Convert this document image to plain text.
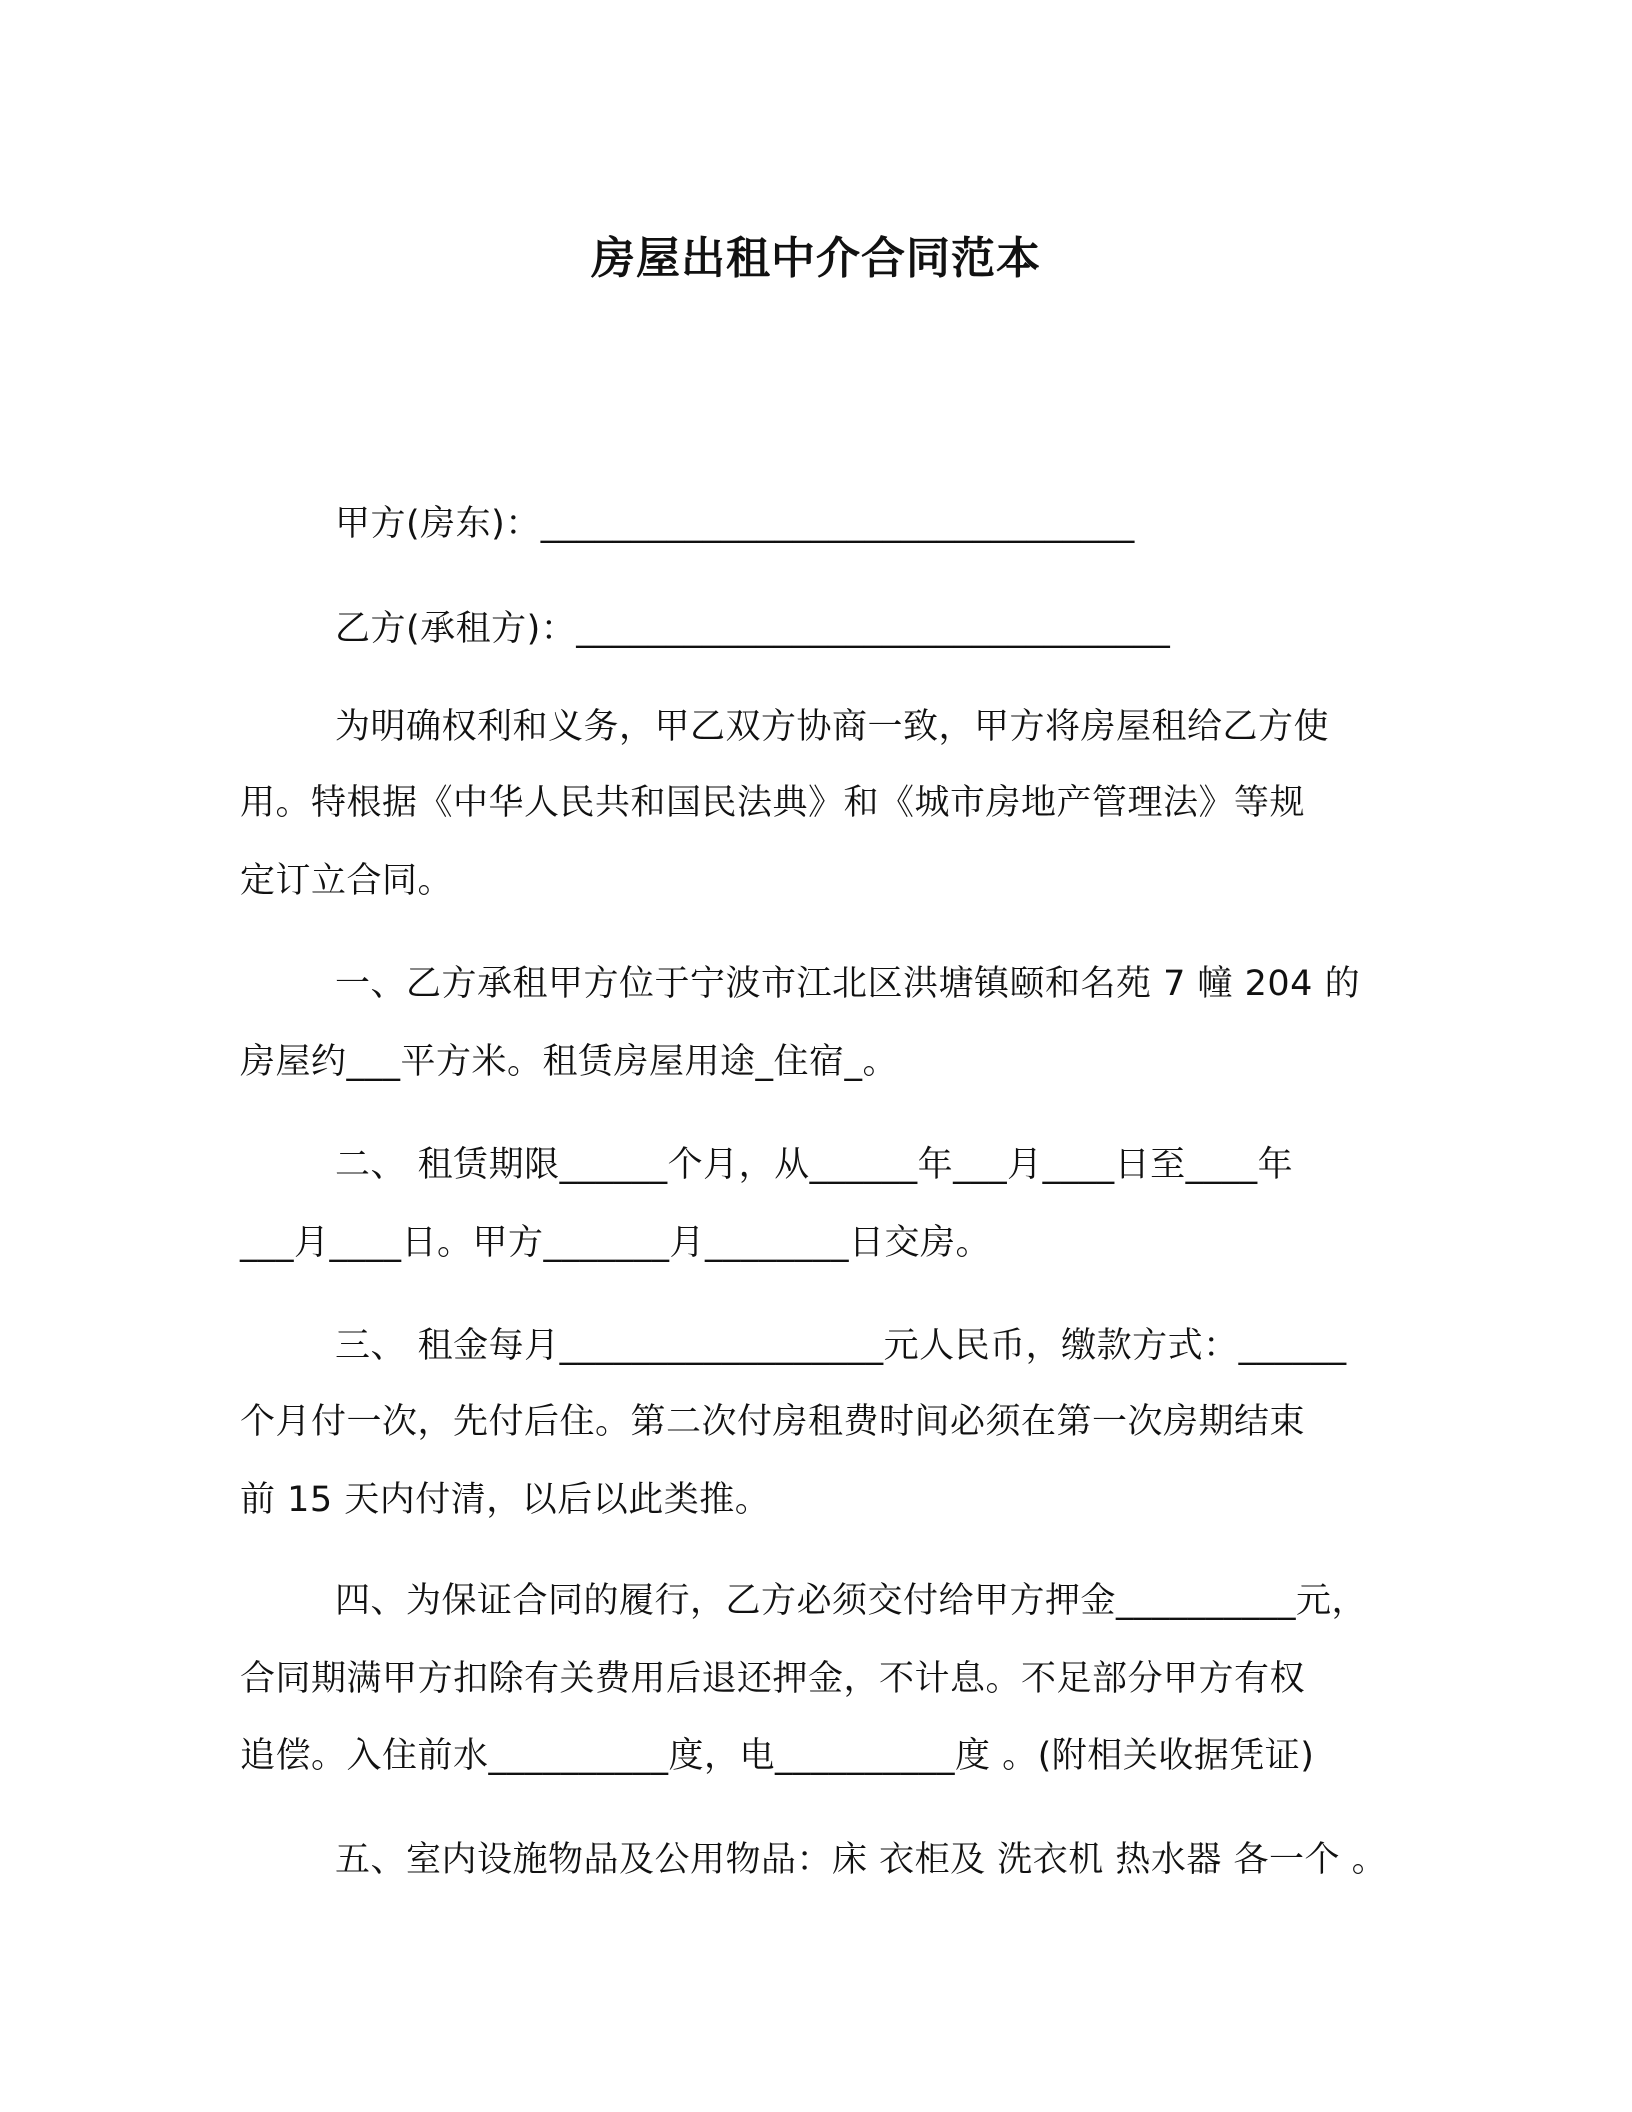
房屋出租中介合同范本
甲方(房东)：_________________________________
乙方(承租方)：_________________________________
为明确权利和义务，甲乙双方协商一致，甲方将房屋租给乙方使
用。特根据《中华人民共和国民法典》和《城市房地产管理法》等规
定订立合同。
一、乙方承租甲方位于宁波市江北区洪塘镇颐和名苑 7 幢 204 的
房屋约___平方米。租赁房屋用途_住宿_。
二、 租赁期限______个月，从______年___月____日至____年
___月____日。甲方_______月________日交房。
三、 租金每月__________________元人民币，缴款方式：______
个月付一次，先付后住。第二次付房租费时间必须在第一次房期结束
前 15 天内付清，以后以此类推。
四、为保证合同的履行，乙方必须交付给甲方押金__________元，
合同期满甲方扣除有关费用后退还押金，不计息。不足部分甲方有权
追偿。入住前水__________度，电__________度 。(附相关收据凭证)
五、室内设施物品及公用物品：床 衣柜及 洗衣机 热水器 各一个 。
